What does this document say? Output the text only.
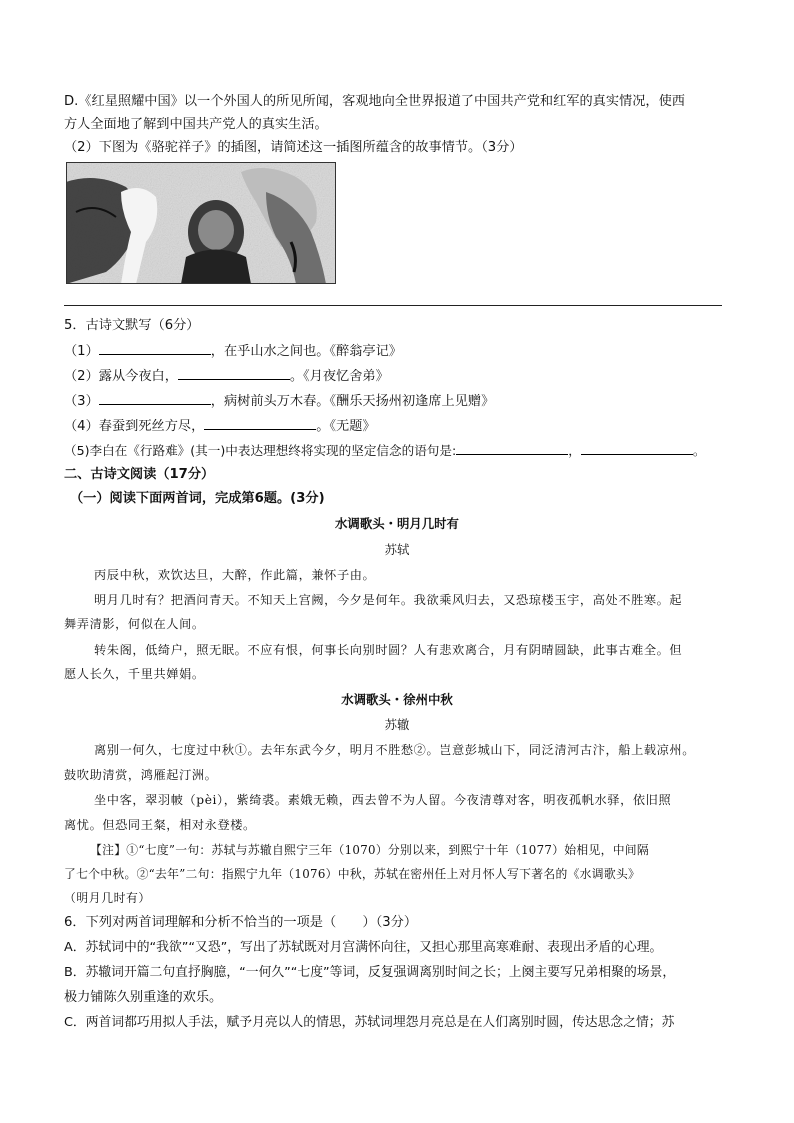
D.《红星照耀中国》以一个外国人的所见所闻，客观地向全世界报道了中国共产党和红军的真实情况，使西
方人全面地了解到中国共产党人的真实生活。
（2）下图为《骆驼祥子》的插图，请简述这一插图所蕴含的故事情节。（3分）
5．古诗文默写（6分）
（1）	，在乎山水之间也。《醉翁亭记》
（2）露从今夜白，	。《月夜忆舍弟》
（3）	，病树前头万木春。《酬乐天扬州初逢席上见赠》
（4）春蚕到死丝方尽，	。《无题》
（5)李白在《行路难》(其一)中表达理想终将实现的坚定信念的语句是:	，	。
二、古诗文阅读（17分）
（一）阅读下面两首词，完成第6题。(3分)
水调歌头・明月几时有
苏轼
丙辰中秋，欢饮达旦，大醉，作此篇，兼怀子由。
明月几时有？把酒问青天。不知天上宫阙，今夕是何年。我欲乘风归去，又恐琼楼玉宇，高处不胜寒。起
舞弄清影，何似在人间。
转朱阁，低绮户，照无眠。不应有恨，何事长向别时圆？人有悲欢离合，月有阴晴圆缺，此事古难全。但
愿人长久，千里共婵娟。
水调歌头・徐州中秋
苏辙
离别一何久，七度过中秋①。去年东武今夕，明月不胜愁②。岂意彭城山下，同泛清河古汴，船上载凉州。
鼓吹助清赏，鸿雁起汀洲。
坐中客，翠羽帔（pèi），紫绮裘。素娥无赖，西去曾不为人留。今夜清尊对客，明夜孤帆水驿，依旧照
离忧。但恐同王粲，相对永登楼。
【注】①“七度”一句：苏轼与苏辙自熙宁三年（1070）分别以来，到熙宁十年（1077）始相见，中间隔
了七个中秋。②“去年”二句：指熙宁九年（1076）中秋，苏轼在密州任上对月怀人写下著名的《水调歌头》
（明月几时有）
6．下列对两首词理解和分析不恰当的一项是（　　）（3分）
A．苏轼词中的“我欲”“又恐”，写出了苏轼既对月宫满怀向往，又担心那里高寒难耐、表现出矛盾的心理。
B．苏辙词开篇二句直抒胸臆，“一何久”“七度”等词，反复强调离别时间之长；上阕主要写兄弟相聚的场景，
极力铺陈久别重逢的欢乐。
C．两首词都巧用拟人手法，赋予月亮以人的情思，苏轼词埋怨月亮总是在人们离别时圆，传达思念之情；苏
